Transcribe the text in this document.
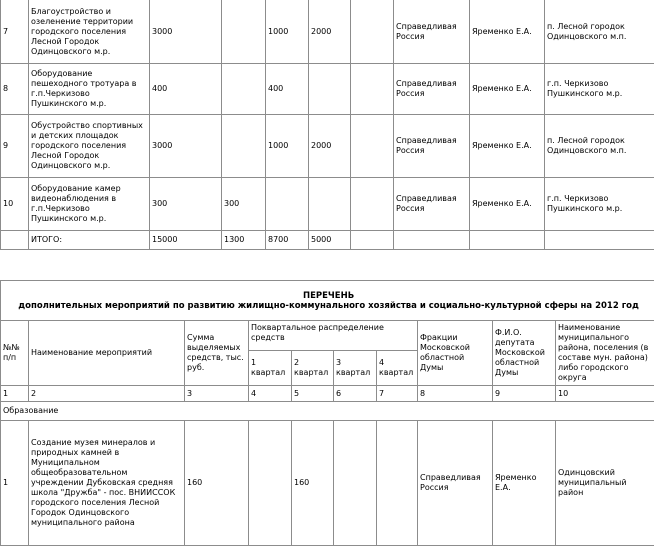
7	Благоустройство и озеленение территории городского поселения Лесной Городок Одинцовского м.р.	3000		1000	2000		Справедливая Россия	Яременко Е.А.	п. Лесной городок Одинцовского м.п.
8	Оборудование пешеходного тротуара в г.п.Черкизово Пушкинского м.р.	400		400			Справедливая Россия	Яременко Е.А.	г.п. Черкизово Пушкинского м.р.
9	Обустройство спортивных и детских площадок городского поселения Лесной Городок Одинцовского м.р.	3000		1000	2000		Справедливая Россия	Яременко Е.А.	п. Лесной городок Одинцовского м.п.
10	Оборудование камер видеонаблюдения в г.п.Черкизово Пушкинского м.р.	300	300				Справедливая Россия	Яременко Е.А.	г.п. Черкизово Пушкинского м.р.
	ИТОГО:	15000	1300	8700	5000				
ПЕРЕЧЕНЬ
дополнительных мероприятий по развитию жилищно-коммунального хозяйства и социально-культурной сферы на 2012 год									

№№ п/п	Наименование мероприятий	Сумма выделяемых средств, тыс. руб.	Поквартальное распределение средств				Фракции Московской областной Думы	Ф.И.О. депутата Московской областной Думы	Наименование муниципального района, поселения (в составе мун. района) либо городского округа
			1 квартал	2 квартал	3 квартал	4 квартал			
1	2	3	4	5	6	7	8	9	10
Образование									
1	Создание музея минералов и природных камней в Муниципальном общеобразовательном учреждении Дубковская средняя школа "Дружба" - пос. ВНИИССОК городского поселения Лесной Городок Одинцовского муниципального района	160		160			Справедливая Россия	Яременко Е.А.	Одинцовский муниципальный район
